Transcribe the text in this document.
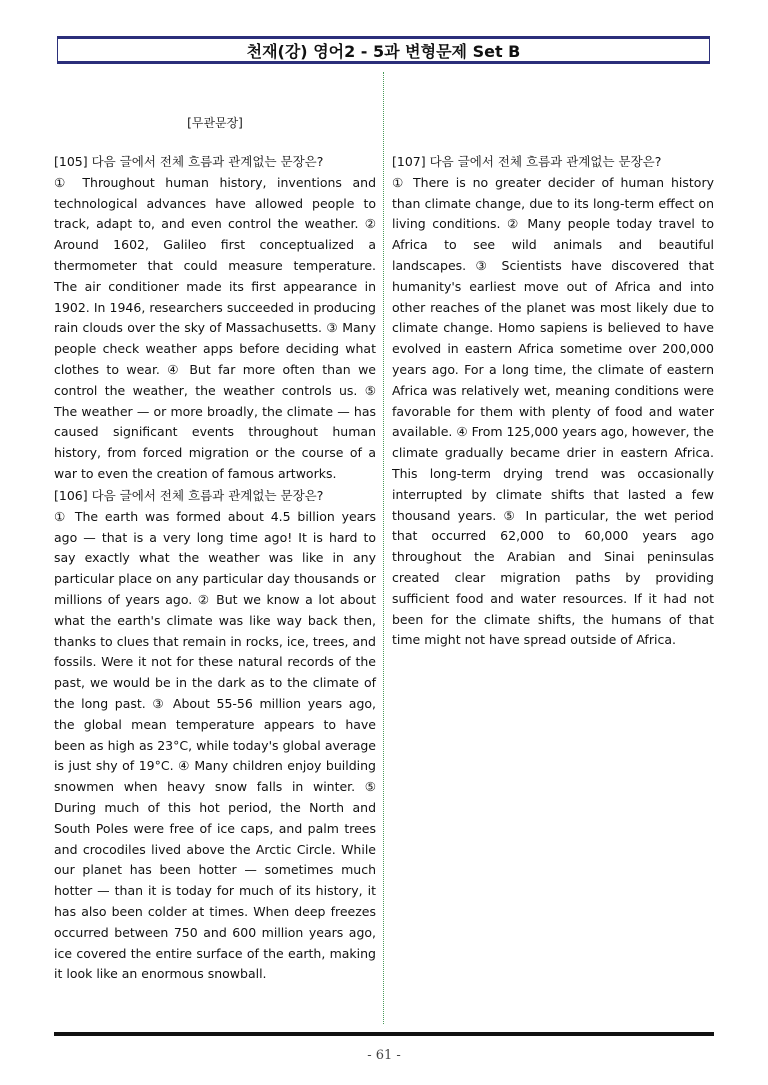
천재(강) 영어2 - 5과 변형문제 Set B
[무관문장]
[105] 다음 글에서 전체 흐름과 관계없는 문장은?
① Throughout human history, inventions and technological advances have allowed people to track, adapt to, and even control the weather. ② Around 1602, Galileo first conceptualized a thermometer that could measure temperature. The air conditioner made its first appearance in 1902. In 1946, researchers succeeded in producing rain clouds over the sky of Massachusetts. ③ Many people check weather apps before deciding what clothes to wear. ④ But far more often than we control the weather, the weather controls us. ⑤ The weather — or more broadly, the climate — has caused significant events throughout human history, from forced migration or the course of a war to even the creation of famous artworks.
[106] 다음 글에서 전체 흐름과 관계없는 문장은?
① The earth was formed about 4.5 billion years ago — that is a very long time ago! It is hard to say exactly what the weather was like in any particular place on any particular day thousands or millions of years ago. ② But we know a lot about what the earth's climate was like way back then, thanks to clues that remain in rocks, ice, trees, and fossils. Were it not for these natural records of the past, we would be in the dark as to the climate of the long past. ③ About 55-56 million years ago, the global mean temperature appears to have been as high as 23°C, while today's global average is just shy of 19°C. ④ Many children enjoy building snowmen when heavy snow falls in winter. ⑤ During much of this hot period, the North and South Poles were free of ice caps, and palm trees and crocodiles lived above the Arctic Circle. While our planet has been hotter — sometimes much hotter — than it is today for much of its history, it has also been colder at times. When deep freezes occurred between 750 and 600 million years ago, ice covered the entire surface of the earth, making it look like an enormous snowball.
[107] 다음 글에서 전체 흐름과 관계없는 문장은?
① There is no greater decider of human history than climate change, due to its long-term effect on living conditions. ② Many people today travel to Africa to see wild animals and beautiful landscapes. ③ Scientists have discovered that humanity's earliest move out of Africa and into other reaches of the planet was most likely due to climate change. Homo sapiens is believed to have evolved in eastern Africa sometime over 200,000 years ago. For a long time, the climate of eastern Africa was relatively wet, meaning conditions were favorable for them with plenty of food and water available. ④ From 125,000 years ago, however, the climate gradually became drier in eastern Africa. This long-term drying trend was occasionally interrupted by climate shifts that lasted a few thousand years. ⑤ In particular, the wet period that occurred 62,000 to 60,000 years ago throughout the Arabian and Sinai peninsulas created clear migration paths by providing sufficient food and water resources. If it had not been for the climate shifts, the humans of that time might not have spread outside of Africa.
- 61 -
